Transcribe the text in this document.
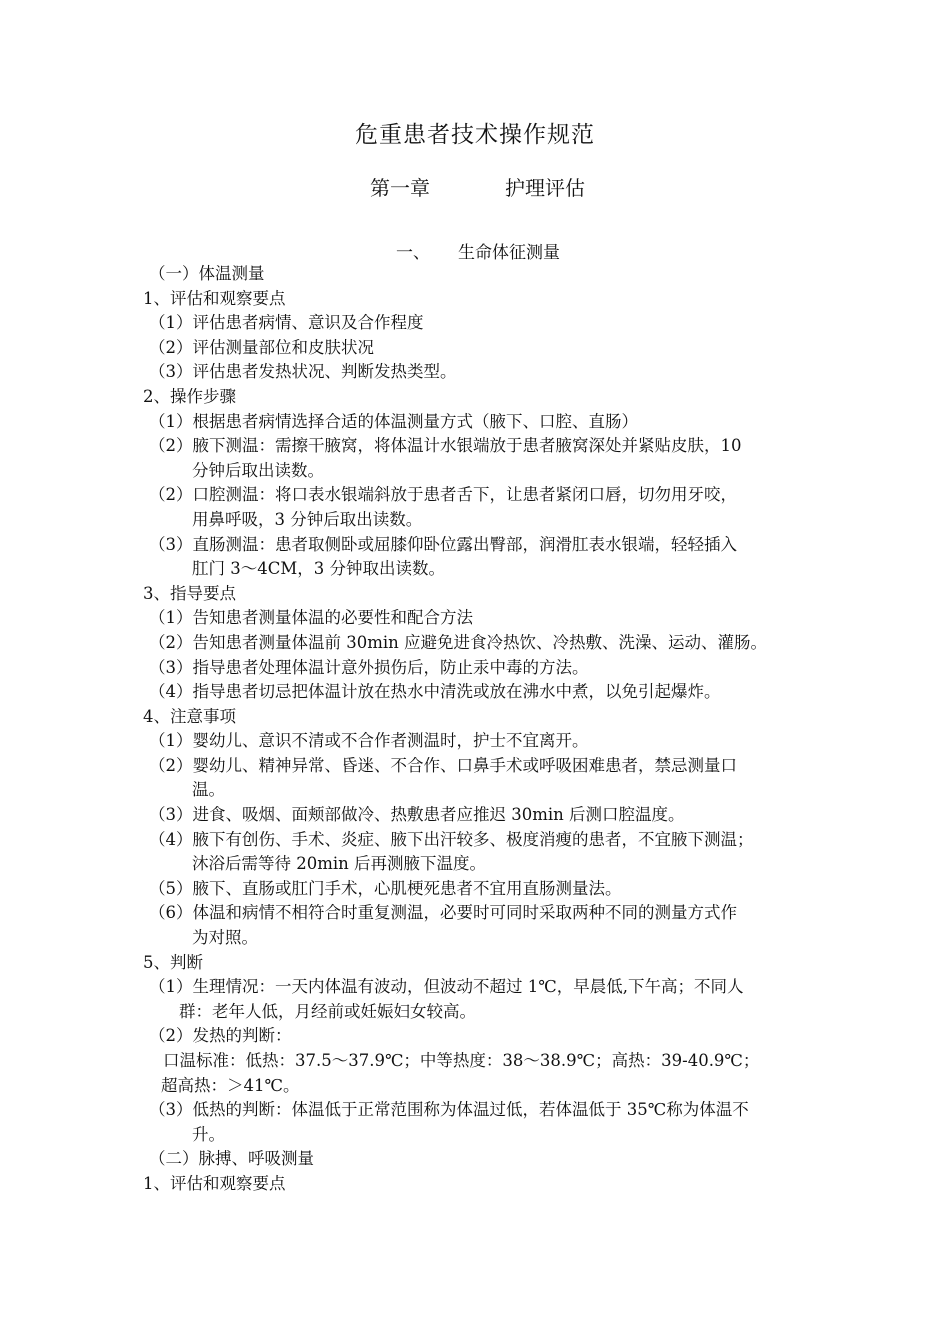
危重患者技术操作规范
第一章	护理评估
一、 生命体征测量
（一）体温测量
1、评估和观察要点
（1）评估患者病情、意识及合作程度
（2）评估测量部位和皮肤状况
（3）评估患者发热状况、判断发热类型。
2、操作步骤
（1）根据患者病情选择合适的体温测量方式（腋下、口腔、直肠）
（2）腋下测温：需擦干腋窝，将体温计水银端放于患者腋窝深处并紧贴皮肤，10
分钟后取出读数。
（2）口腔测温：将口表水银端斜放于患者舌下，让患者紧闭口唇，切勿用牙咬，
用鼻呼吸，3 分钟后取出读数。
（3）直肠测温：患者取侧卧或屈膝仰卧位露出臀部，润滑肛表水银端，轻轻插入
肛门 3～4CM，3 分钟取出读数。
3、指导要点
（1）告知患者测量体温的必要性和配合方法
（2）告知患者测量体温前 30min 应避免进食冷热饮、冷热敷、洗澡、运动、灌肠。
（3）指导患者处理体温计意外损伤后，防止汞中毒的方法。
（4）指导患者切忌把体温计放在热水中清洗或放在沸水中煮，以免引起爆炸。
4、注意事项
（1）婴幼儿、意识不清或不合作者测温时，护士不宜离开。
（2）婴幼儿、精神异常、昏迷、不合作、口鼻手术或呼吸困难患者，禁忌测量口
温。
（3）进食、吸烟、面颊部做冷、热敷患者应推迟 30min 后测口腔温度。
（4）腋下有创伤、手术、炎症、腋下出汗较多、极度消瘦的患者，不宜腋下测温；
沐浴后需等待 20min 后再测腋下温度。
（5）腋下、直肠或肛门手术，心肌梗死患者不宜用直肠测量法。
（6）体温和病情不相符合时重复测温，必要时可同时采取两种不同的测量方式作
为对照。
5、判断
（1）生理情况：一天内体温有波动，但波动不超过 1℃，早晨低,下午高；不同人
群：老年人低，月经前或妊娠妇女较高。
（2）发热的判断：
口温标准：低热：37.5～37.9℃；中等热度：38～38.9℃；高热：39-40.9℃；
超高热：＞41℃。
（3）低热的判断：体温低于正常范围称为体温过低，若体温低于 35℃称为体温不
升。
（二）脉搏、呼吸测量
1、评估和观察要点
